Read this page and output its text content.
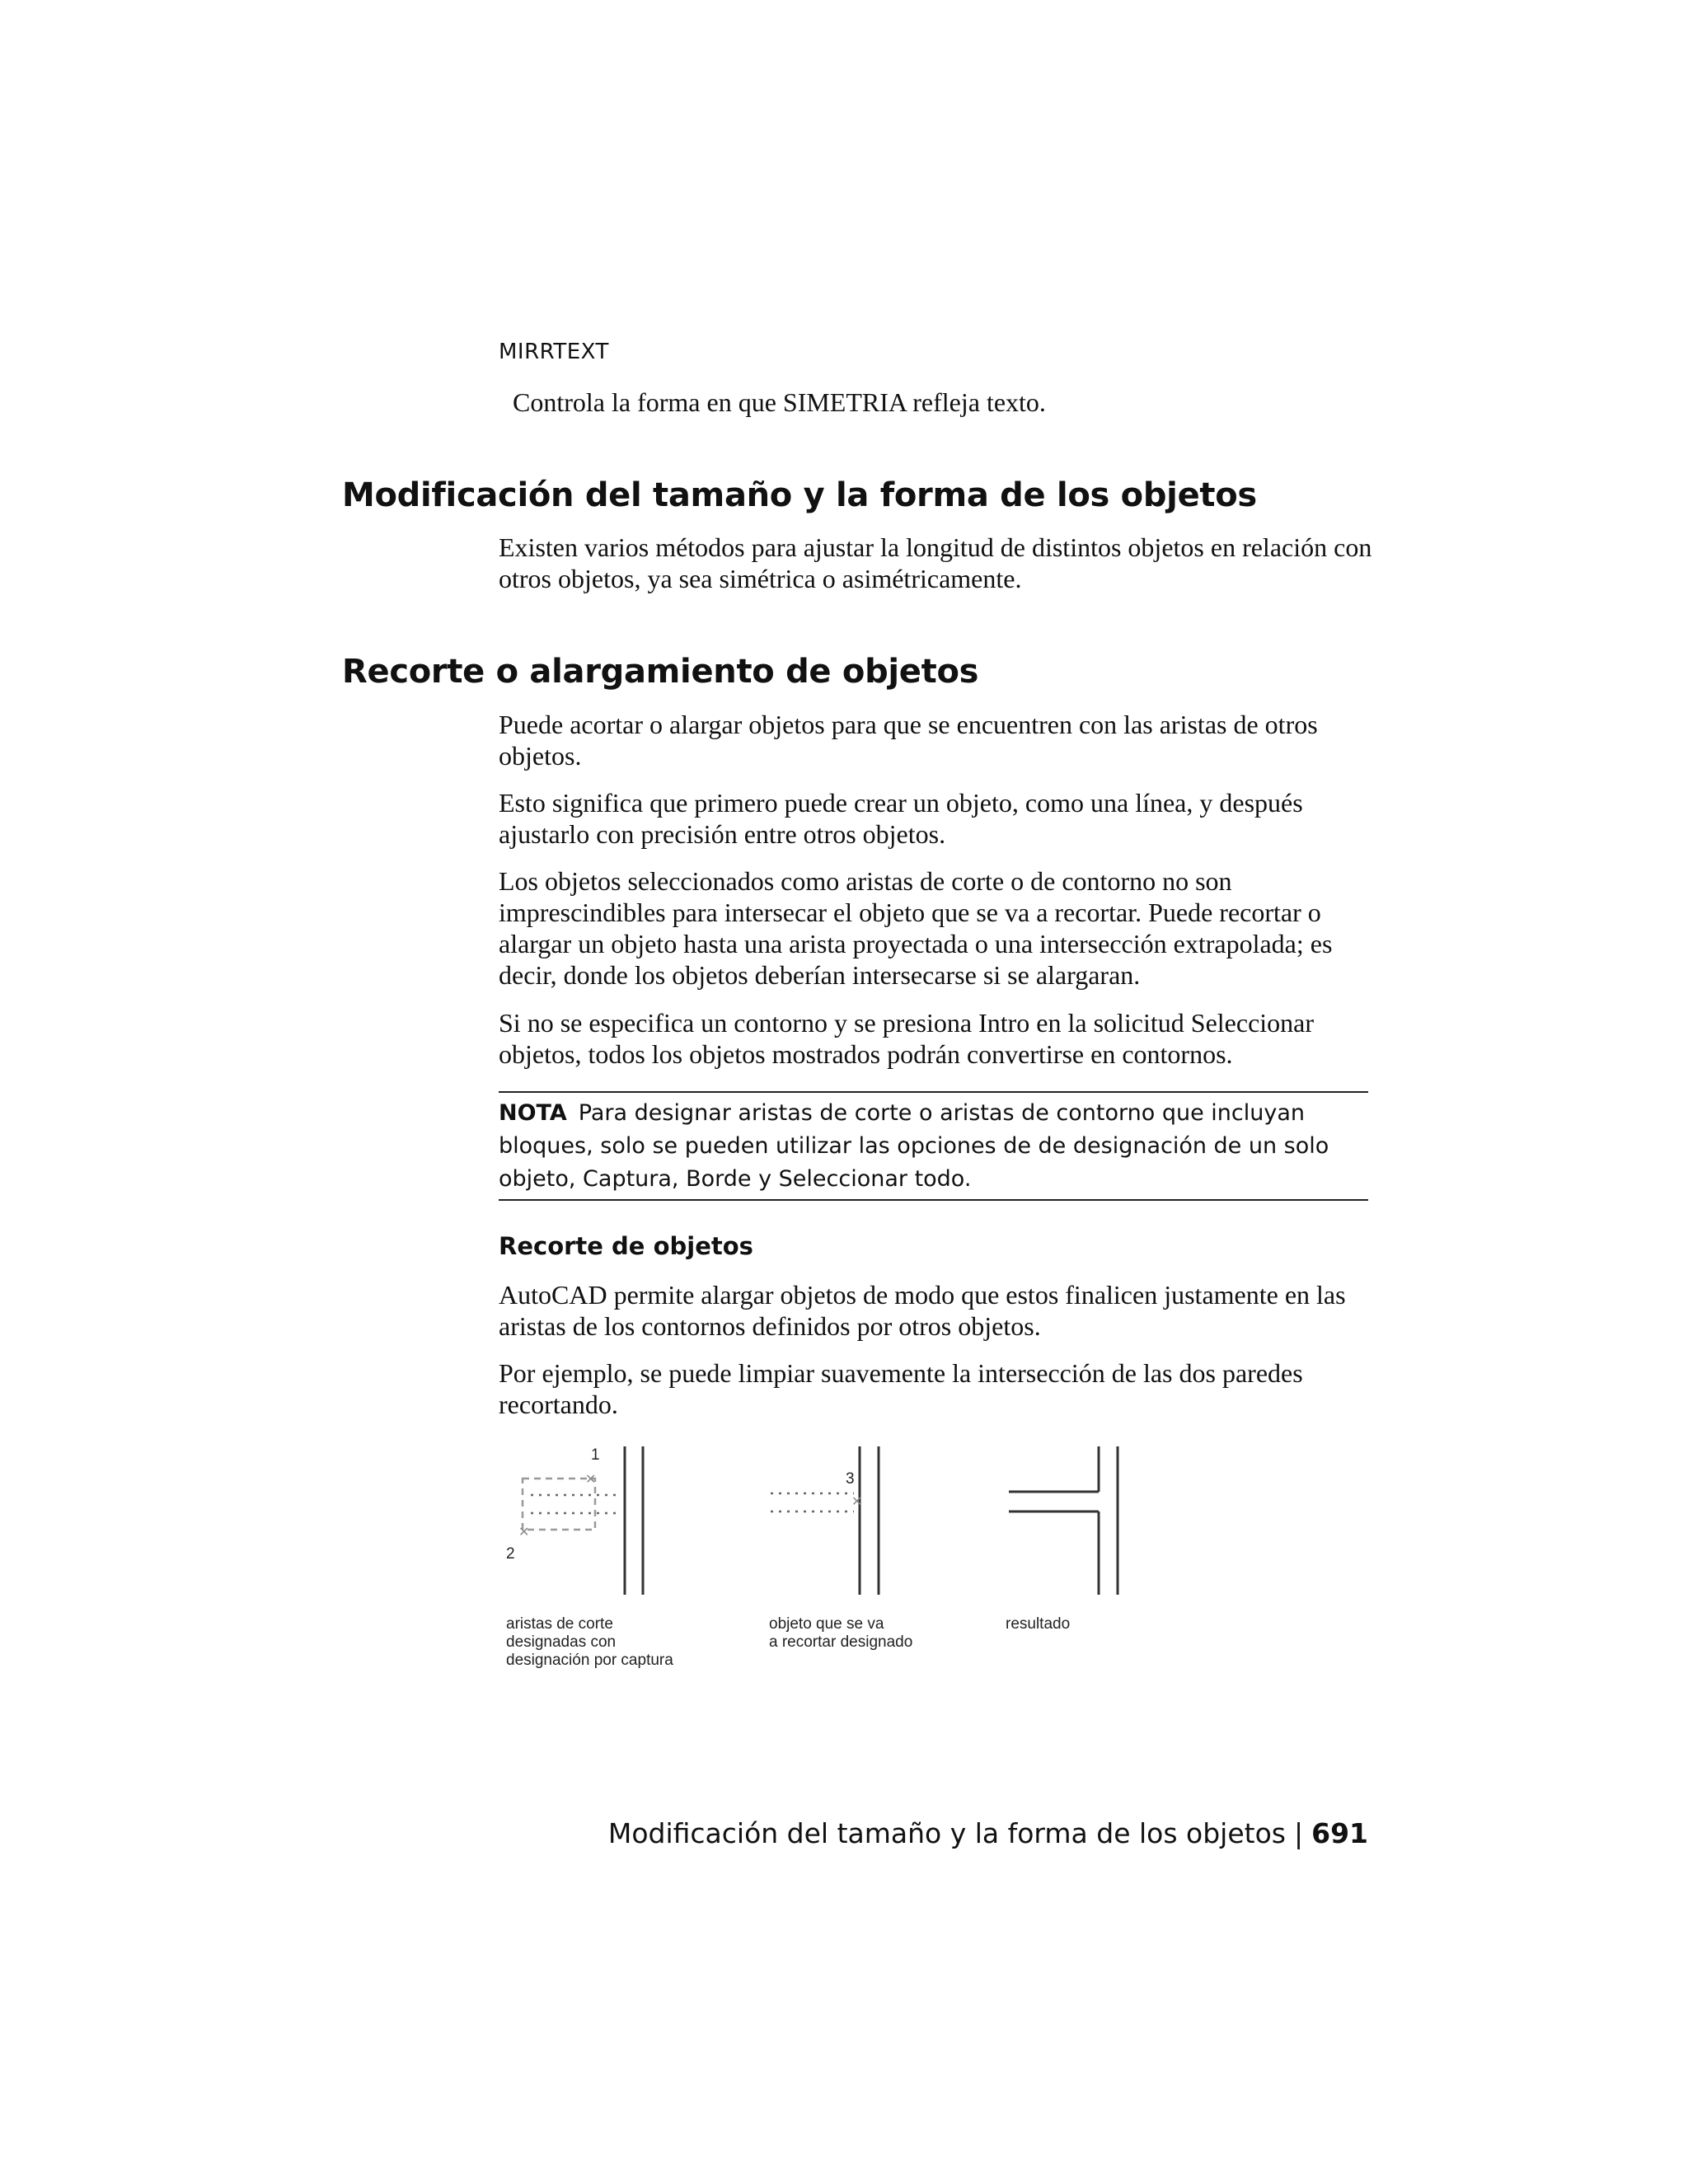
MIRRTEXT
Controla la forma en que SIMETRIA refleja texto.
Modificación del tamaño y la forma de los objetos

Existen varios métodos para ajustar la longitud de distintos objetos en relación con otros objetos, ya sea simétrica o asimétricamente.

Recorte o alargamiento de objetos

Puede acortar o alargar objetos para que se encuentren con las aristas de otros objetos.

Esto significa que primero puede crear un objeto, como una línea, y después ajustarlo con precisión entre otros objetos.

Los objetos seleccionados como aristas de corte o de contorno no son imprescindibles para intersecar el objeto que se va a recortar. Puede recortar o alargar un objeto hasta una arista proyectada o una intersección extrapolada; es decir, donde los objetos deberían intersecarse si se alargaran.

Si no se especifica un contorno y se presiona Intro en la solicitud Seleccionar objetos, todos los objetos mostrados podrán convertirse en contornos.

NOTA Para designar aristas de corte o aristas de contorno que incluyan bloques, solo se pueden utilizar las opciones de de designación de un solo objeto, Captura, Borde y Seleccionar todo.
Recorte de objetos

AutoCAD permite alargar objetos de modo que estos finalicen justamente en las aristas de los contornos definidos por otros objetos.

Por ejemplo, se puede limpiar suavemente la intersección de las dos paredes recortando.

1
✕
✕
2
3
✕
aristas de corte
designadas con
designación por captura
objeto que se va
a recortar designado
resultado
Modificación del tamaño y la forma de los objetos | 691
